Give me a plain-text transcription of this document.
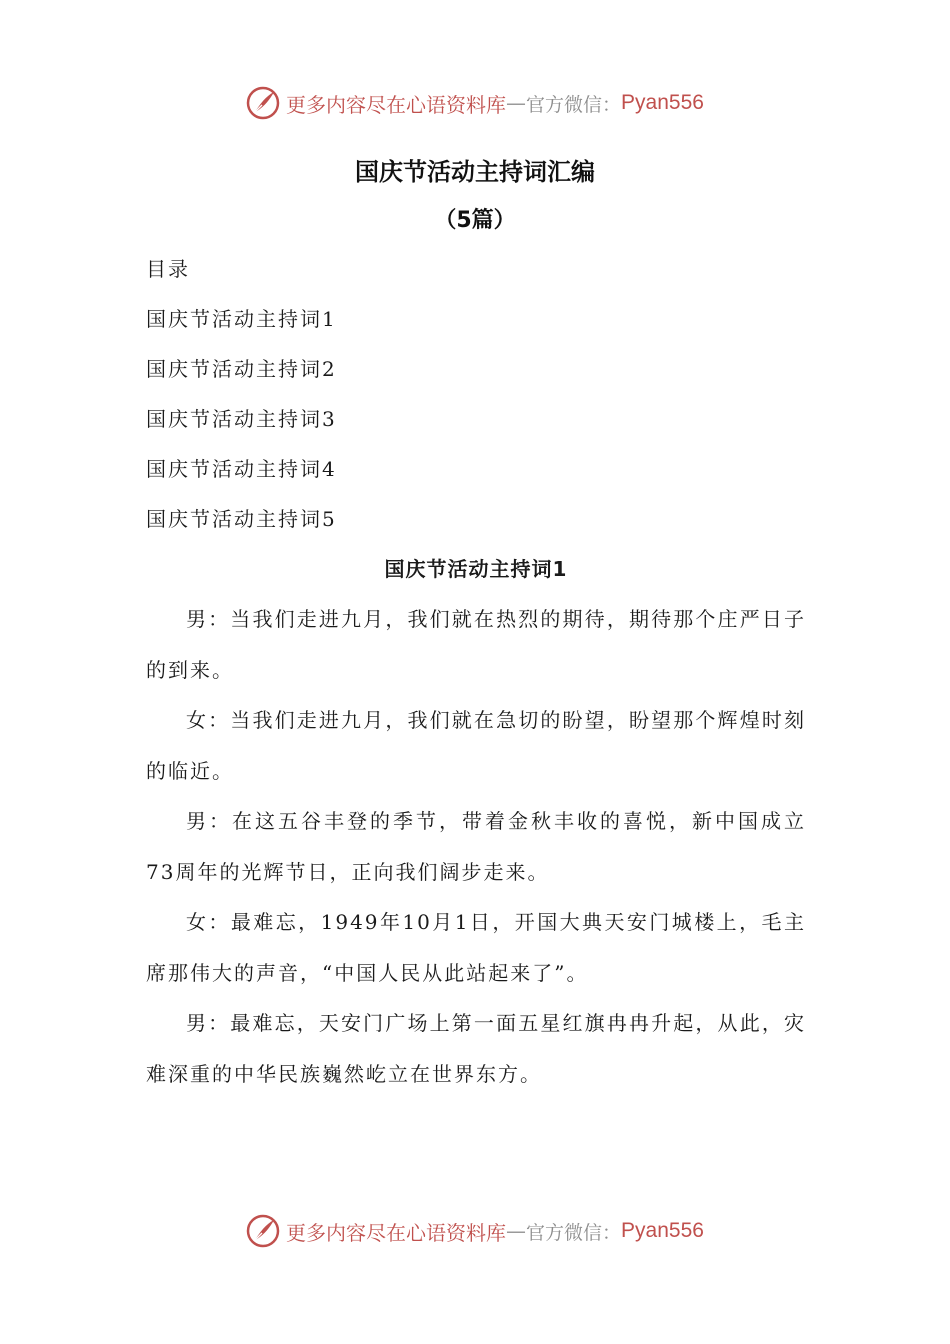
更多内容尽在心语资料库 — 官方微信： Pyan556
国庆节活动主持词汇编
（5篇）
目录
国庆节活动主持词1
国庆节活动主持词2
国庆节活动主持词3
国庆节活动主持词4
国庆节活动主持词5
国庆节活动主持词1

男：当我们走进九月，我们就在热烈的期待，期待那个庄严日子的到来。

女：当我们走进九月，我们就在急切的盼望，盼望那个辉煌时刻的临近。

男：在这五谷丰登的季节，带着金秋丰收的喜悦，新中国成立73周年的光辉节日，正向我们阔步走来。

女：最难忘，1949年10月1日，开国大典天安门城楼上，毛主席那伟大的声音，“中国人民从此站起来了”。

男：最难忘，天安门广场上第一面五星红旗冉冉升起，从此，灾难深重的中华民族巍然屹立在世界东方。

更多内容尽在心语资料库 — 官方微信： Pyan556
